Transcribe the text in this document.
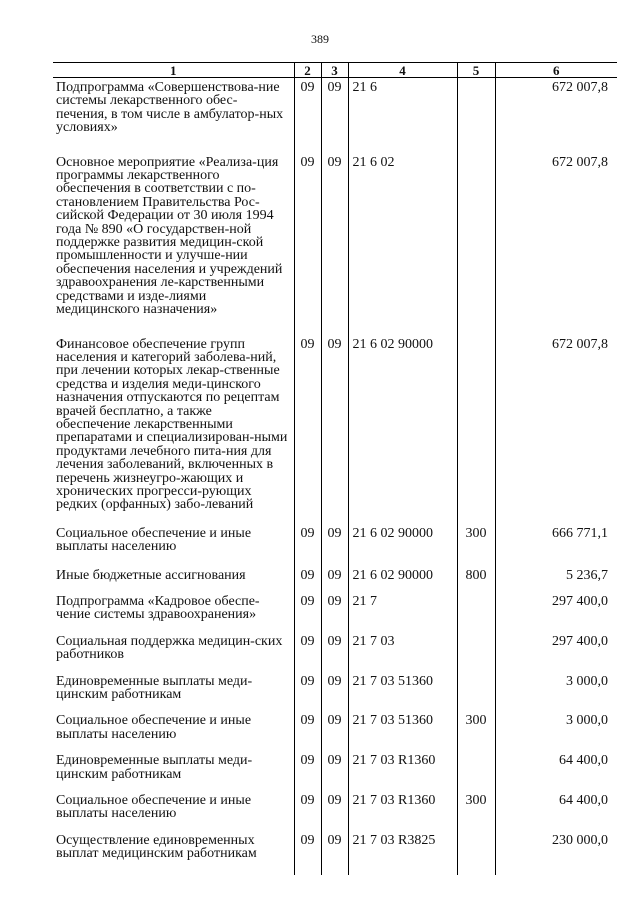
389
1	2	3	4	5	6
Подпрограмма «Совершенствова-ние системы лекарственного обес-печения, в том числе в амбулатор-ных условиях»	09	09	21 6		672 007,8
Основное мероприятие «Реализа-ция программы лекарственного обеспечения в соответствии с по-становлением Правительства Рос-сийской Федерации от 30 июля 1994 года № 890 «О государствен-ной поддержке развития медицин-ской промышленности и улучше-нии обеспечения населения и учреждений здравоохранения ле-карственными средствами и изде-лиями медицинского назначения»	09	09	21 6 02		672 007,8
Финансовое обеспечение групп населения и категорий заболева-ний, при лечении которых лекар-ственные средства и изделия меди-цинского назначения отпускаются по рецептам врачей бесплатно, а также обеспечение лекарственными препаратами и специализирован-ными продуктами лечебного пита-ния для лечения заболеваний, включенных в перечень жизнеугро-жающих и хронических прогресси-рующих редких (орфанных) забо-леваний	09	09	21 6 02 90000		672 007,8
Социальное обеспечение и иные выплаты населению	09	09	21 6 02 90000	300	666 771,1
Иные бюджетные ассигнования	09	09	21 6 02 90000	800	5 236,7
Подпрограмма «Кадровое обеспе-чение системы здравоохранения»	09	09	21 7		297 400,0
Социальная поддержка медицин-ских работников	09	09	21 7 03		297 400,0
Единовременные выплаты меди-цинским работникам	09	09	21 7 03 51360		3 000,0
Социальное обеспечение и иные выплаты населению	09	09	21 7 03 51360	300	3 000,0
Единовременные выплаты меди-цинским работникам	09	09	21 7 03 R1360		64 400,0
Социальное обеспечение и иные выплаты населению	09	09	21 7 03 R1360	300	64 400,0
Осуществление единовременных выплат медицинским работникам	09	09	21 7 03 R3825		230 000,0
